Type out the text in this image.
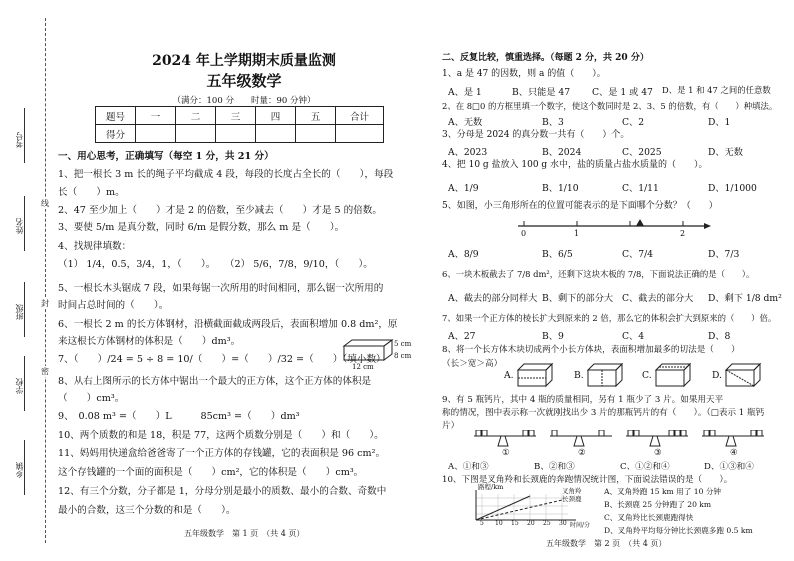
考号
姓名
班级
学校
乡镇
线
封
密
2024 年上学期期末质量监测
五年级数学
（满分：100 分　　时量：90 分钟）
题号	一	二	三	四	五	合计
得分						
一、用心思考，正确填写（每空 1 分，共 21 分）
1、把一根长 3 m 长的绳子平均截成 4 段，每段的长度占全长的（　　），每段
长（　　）m。
2、47 至少加上（　　）才是 2 的倍数，至少减去（　　）才是 5 的倍数。
3、要使 5/m 是真分数，同时 6/m 是假分数，那么 m 是（　　）。
4、找规律填数：
（1） 1/4，0.5，3/4，1，（　　）。　　（2） 5/6，7/8，9/10，（　　）。
5、一根长木头锯成 7 段，如果每锯一次所用的时间相同，那么锯一次所用的
时间占总时间的（　　）。
6、一根长 2 m 的长方体钢材，沿横截面截成两段后，表面积增加 0.8 dm²，原
来这根长方体钢材的体积是（　　）dm³。
7、（　　）/24 = 5 ÷ 8 = 10/（　　）=（　　）/32 =（　　）（填小数）
5 cm
8 cm
12 cm
8、从右上图所示的长方体中锯出一个最大的正方体，这个正方体的体积是
（　　）cm³。
9、　0.08 m³ =（　　）L　　　85cm³ =（　　）dm³
10、两个质数的和是 18，积是 77，这两个质数分别是（　　）和（　　）。
11、妈妈用快递盒给爸爸寄了一个正方体的存钱罐，它的表面积是 96 cm²。
这个存钱罐的一个面的面积是（　　）cm²，它的体积是（　　）cm³。
12、有三个分数，分子都是 1，分母分别是最小的质数、最小的合数、奇数中
最小的合数，这三个分数的和是（　　）。
五年级数学　第 1 页　（共 4 页）
二、反复比较，慎重选择。（每题 2 分，共 20 分）
1、a 是 47 的因数，则 a 的值（　　）。
A、是 1	B、只能是 47 C、是 1 或 47 D、是 1 和 47 之间的任意数
2、在 8□0 的方框里填一个数字，使这个数同时是 2、3、5 的倍数，有（　　）种填法。
A、无数	B、3	C、2	D、1
3、分母是 2024 的真分数一共有（　　）个。
A、2023	B、2024	C、2025	D、无数
4、把 10 g 盐放入 100 g 水中，盐的质量占盐水质量的（　　）。
A、1/9	B、1/10	C、1/11	D、1/1000
5、如图，小三角形所在的位置可能表示的是下面哪个分数？（　　）
0	1	2
A、8/9	B、6/5	C、7/4	D、7/3
6、一块木板截去了 7/8 dm²，还剩下这块木板的 7/8，下面说法正确的是（　　）。
A、截去的部分同样大 B、剩下的部分大 C、截去的部分大 D、剩下 1/8 dm²
7、如果一个正方体的棱长扩大到原来的 2 倍，那么它的体积会扩大到原来的（　　）倍。
A、27	B、9	C、4	D、8
8、将一个长方体木块切成两个小长方体块，表面积增加最多的切法是（　　）
（长＞宽＞高）
A.	B.	C.	D.
9、有 5 瓶钙片，其中 4 瓶的质量相同，另有 1 瓶少了 3 片。如果用天平
称的情况，图中表示称一次就刚找出少 3 片的那瓶钙片的有（　　）。（□表示 1 瓶钙
片）
①	②	③	④
A、①和③	B、②和③	C、①②和④	D、①③和④
10、下图是叉角羚和长颈鹿的奔跑情况统计图，下面说法错误的是（　　）。
路程/km	叉角羚
长颈鹿
5 10 15 20 25 30 时间/分
A、叉角羚跑 15 km 用了 10 分钟
B、长颈鹿 25 分钟跑了 20 km
C、叉角羚比长颈鹿跑得快
D、叉角羚平均每分钟比长颈鹿多跑 0.5 km
五年级数学　第 2 页　（共 4 页）
